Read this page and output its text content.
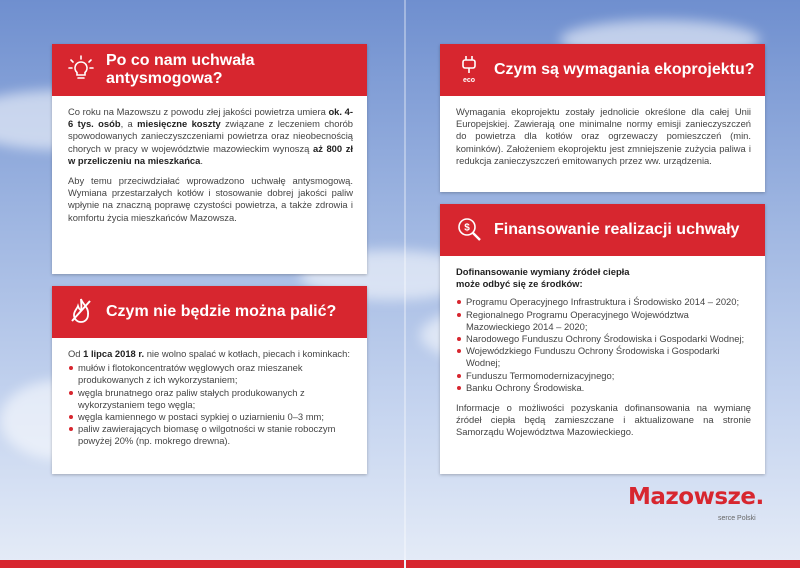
Po co nam uchwała antysmogowa?

Co roku na Mazowszu z powodu złej jakości powietrza umiera ok. 4-6 tys. osób, a miesięczne koszty związane z leczeniem chorób spowodowanych zanieczyszczeniami powietrza oraz nieobecnością chorych w pracy w województwie mazowieckim wynoszą aż 800 zł w przeliczeniu na mieszkańca.

Aby temu przeciwdziałać wprowadzono uchwałę antysmogową. Wymiana przestarzałych kotłów i stosowanie dobrej jakości paliw wpłynie na znaczną poprawę czystości powietrza, a także zdrowia i komfortu życia mieszkańców Mazowsza.

Czym nie będzie można palić?

Od 1 lipca 2018 r. nie wolno spalać w kotłach, piecach i kominkach:

mułów i flotokoncentratów węglowych oraz mieszanek produkowanych z ich wykorzystaniem;
węgla brunatnego oraz paliw stałych produkowanych z wykorzystaniem tego węgla;
węgla kamiennego w postaci sypkiej o uziarnieniu 0–3 mm;
paliw zawierających biomasę o wilgotności w stanie roboczym powyżej 20% (np. mokrego drewna).
eco
Czym są wymagania ekoprojektu?

Wymagania ekoprojektu zostały jednolicie określone dla całej Unii Europejskiej. Zawierają one minimalne normy emisji zanieczyszczeń do powietrza dla kotłów oraz ogrzewaczy pomieszczeń (min. kominków). Założeniem ekoprojektu jest zmniejszenie zużycia paliwa i redukcja zanieczyszczeń emitowanych przez ww. urządzenia.

$ Finansowanie realizacji uchwały
Dofinansowanie wymiany źródeł ciepła może odbyć się ze środków:
Programu Operacyjnego Infrastruktura i Środowisko 2014 – 2020;
Regionalnego Programu Operacyjnego Województwa Mazowieckiego 2014 – 2020;
Narodowego Funduszu Ochrony Środowiska i Gospodarki Wodnej;
Wojewódzkiego Funduszu Ochrony Środowiska i Gospodarki Wodnej;
Funduszu Termomodernizacyjnego;
Banku Ochrony Środowiska.

Informacje o możliwości pozyskania dofinansowania na wymianę źródeł ciepła będą zamieszczane i aktualizowane na stronie Samorządu Województwa Mazowieckiego.

Mazowsze.
serce Polski
